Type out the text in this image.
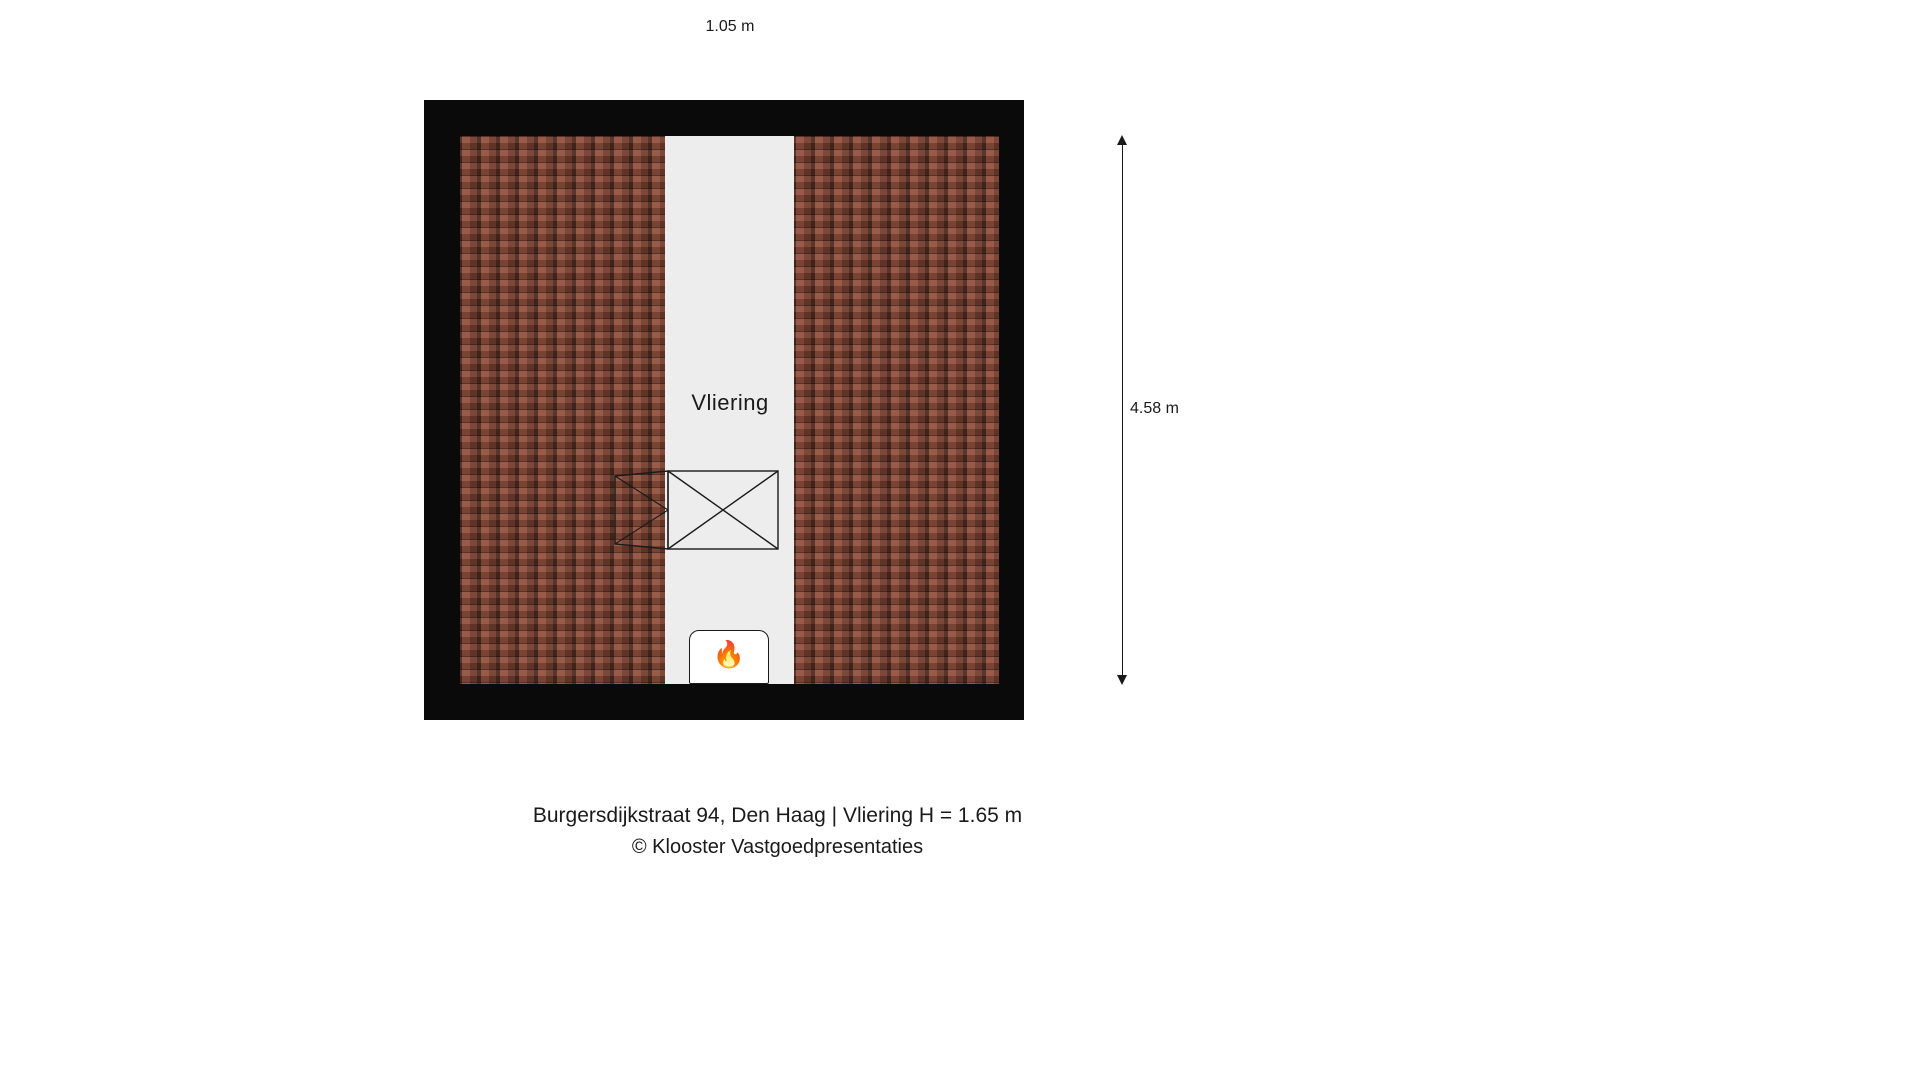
1.05 m
4.58 m
Vliering
🔥
Burgersdijkstraat 94, Den Haag | Vliering H = 1.65 m
© Klooster Vastgoedpresentaties
